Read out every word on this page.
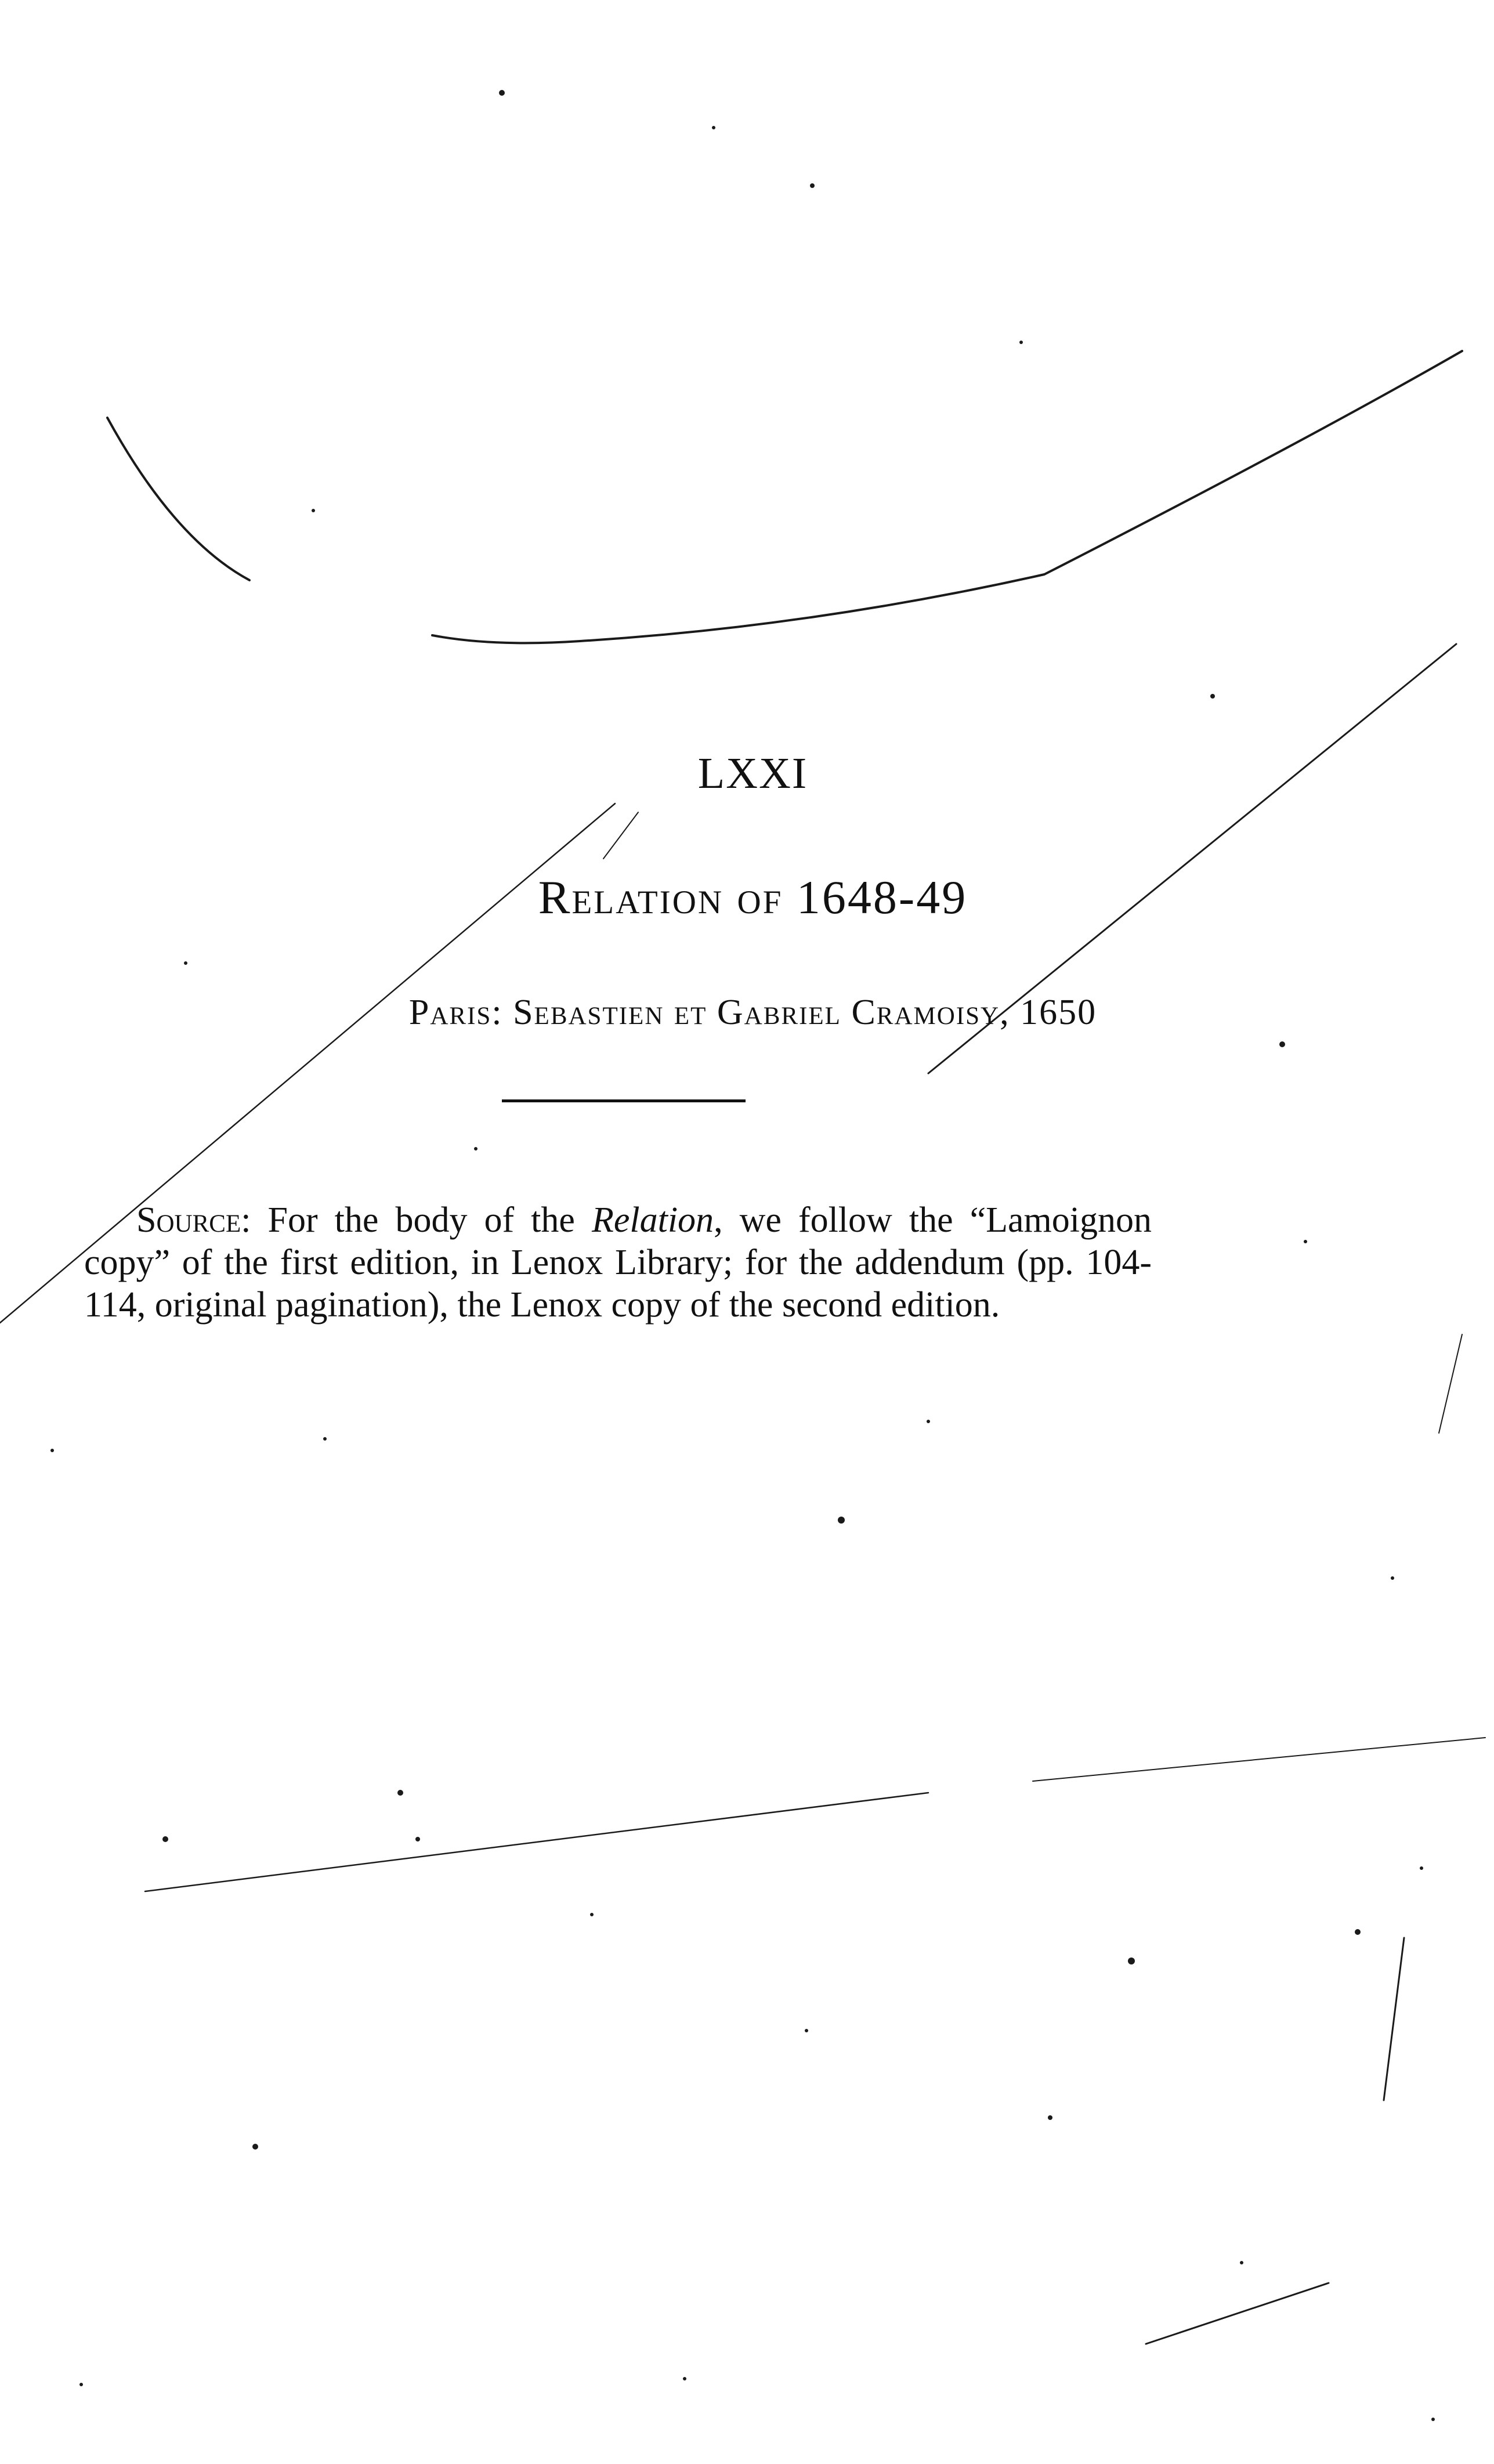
LXXI
Relation of 1648-49
Paris: Sebastien et Gabriel Cramoisy, 1650

Source: For the body of the Relation, we follow the “Lamoignon copy” of the first edition, in Lenox Library; for the addendum (pp. 104-114, original pagination), the Lenox copy of the second edition.
